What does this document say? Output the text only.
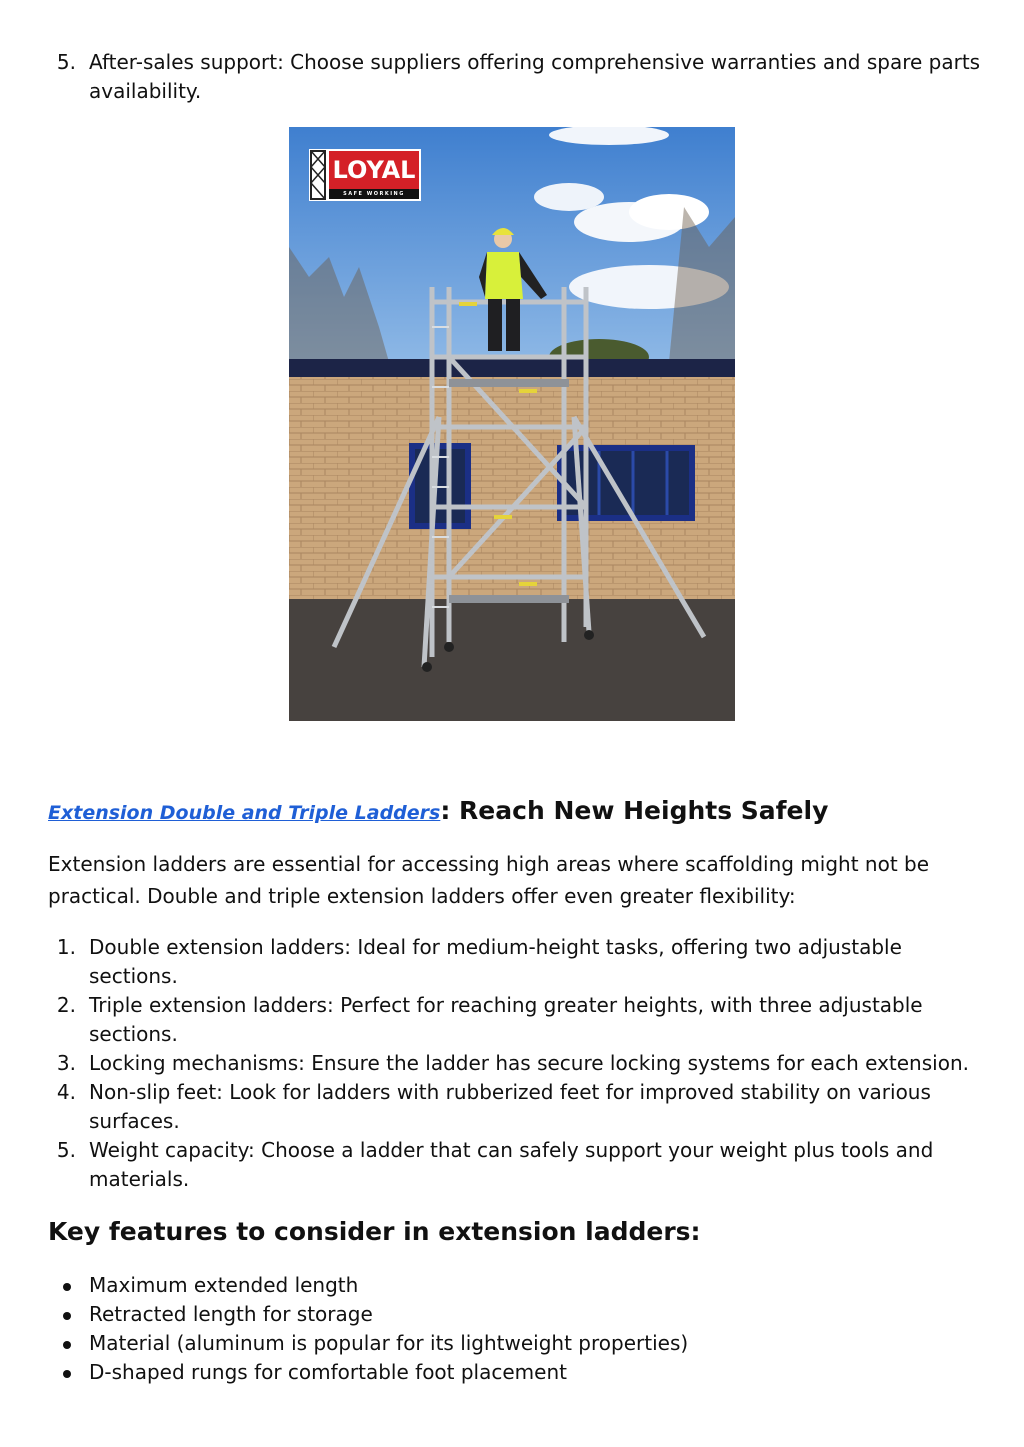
5. After-sales support: Choose suppliers offering comprehensive warranties and spare parts availability.
LOYAL
SAFE WORKING
Extension Double and Triple Ladders: Reach New Heights Safely

Extension ladders are essential for accessing high areas where scaffolding might not be practical. Double and triple extension ladders offer even greater flexibility:

1. Double extension ladders: Ideal for medium-height tasks, offering two adjustable sections.
2. Triple extension ladders: Perfect for reaching greater heights, with three adjustable sections.
3. Locking mechanisms: Ensure the ladder has secure locking systems for each extension.
4. Non-slip feet: Look for ladders with rubberized feet for improved stability on various surfaces.
5. Weight capacity: Choose a ladder that can safely support your weight plus tools and materials.
Key features to consider in extension ladders:
Maximum extended length
Retracted length for storage
Material (aluminum is popular for its lightweight properties)
D-shaped rungs for comfortable foot placement
